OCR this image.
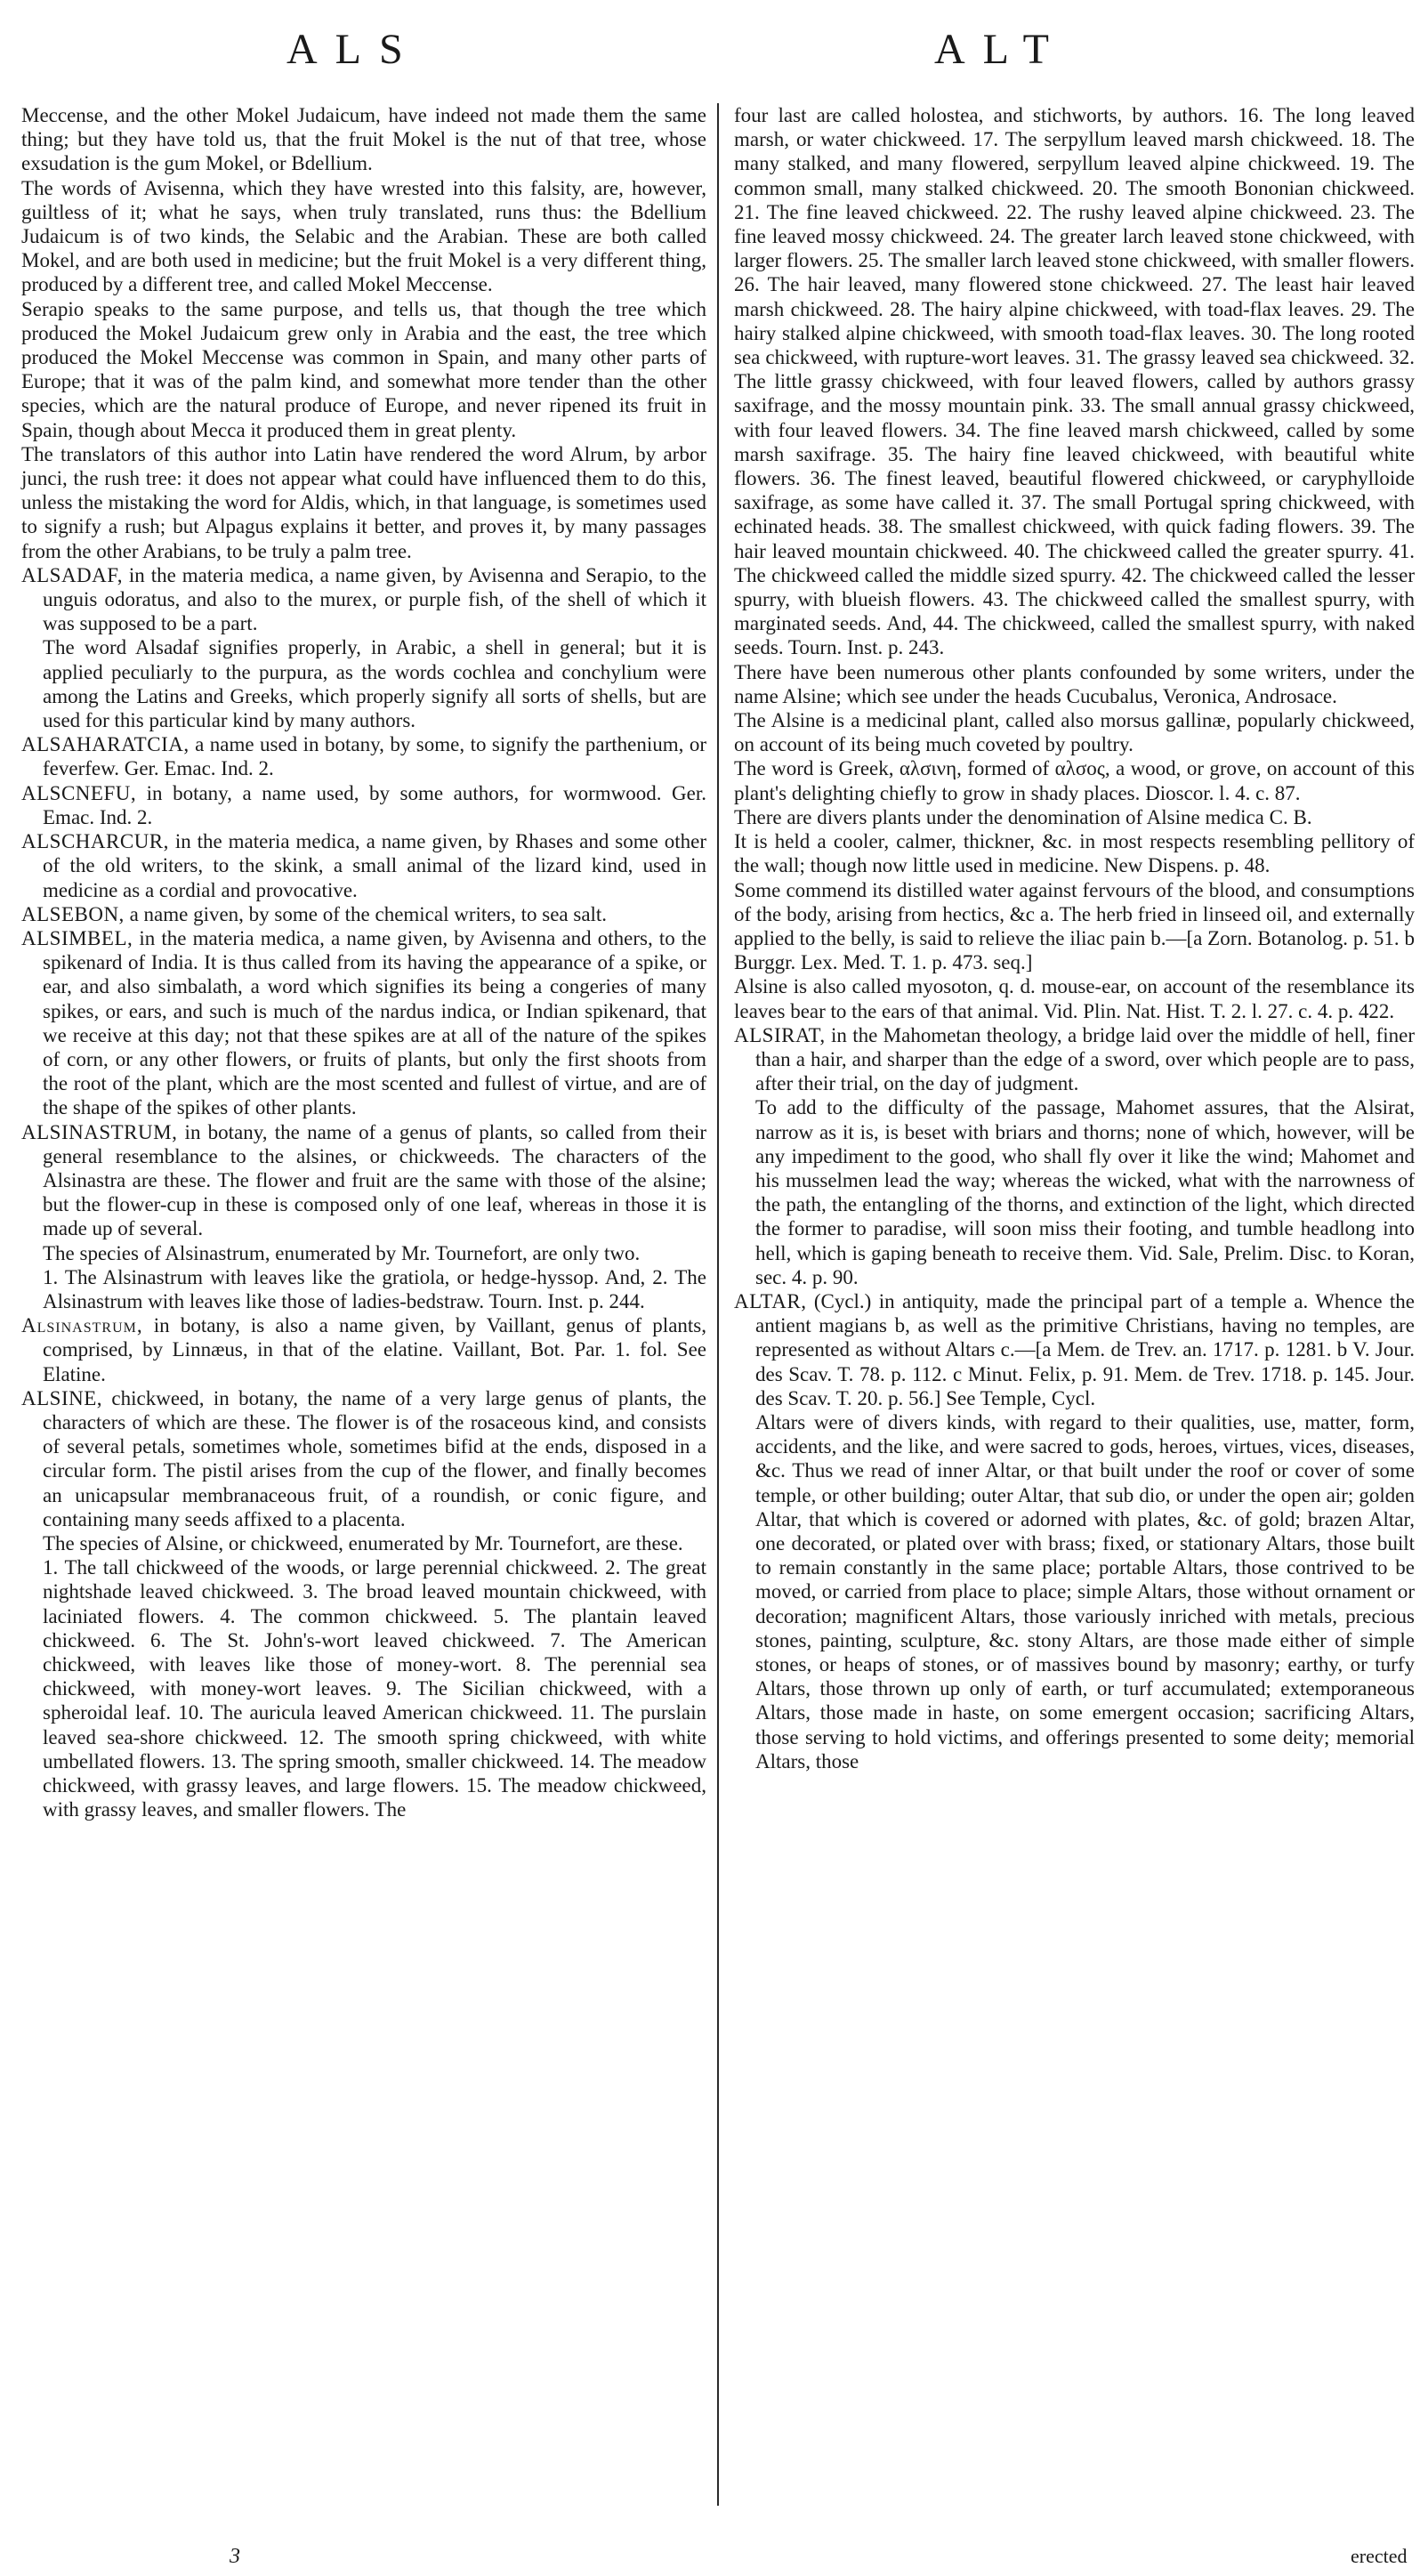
ALS	ALT

Meccense, and the other Mokel Judaicum, have indeed not made them the same thing; but they have told us, that the fruit Mokel is the nut of that tree, whose exsudation is the gum Mokel, or Bdellium.

The words of Avisenna, which they have wrested into this falsity, are, however, guiltless of it; what he says, when truly translated, runs thus: the Bdellium Judaicum is of two kinds, the Selabic and the Arabian. These are both called Mokel, and are both used in medicine; but the fruit Mokel is a very different thing, produced by a different tree, and called Mokel Meccense.

Serapio speaks to the same purpose, and tells us, that though the tree which produced the Mokel Judaicum grew only in Arabia and the east, the tree which produced the Mokel Meccense was common in Spain, and many other parts of Europe; that it was of the palm kind, and somewhat more tender than the other species, which are the natural produce of Europe, and never ripened its fruit in Spain, though about Mecca it produced them in great plenty.

The translators of this author into Latin have rendered the word Alrum, by arbor junci, the rush tree: it does not appear what could have influenced them to do this, unless the mistaking the word for Aldis, which, in that language, is sometimes used to signify a rush; but Alpagus explains it better, and proves it, by many passages from the other Arabians, to be truly a palm tree.

ALSADAF, in the materia medica, a name given, by Avisenna and Serapio, to the unguis odoratus, and also to the murex, or purple fish, of the shell of which it was supposed to be a part.

The word Alsadaf signifies properly, in Arabic, a shell in general; but it is applied peculiarly to the purpura, as the words cochlea and conchylium were among the Latins and Greeks, which properly signify all sorts of shells, but are used for this particular kind by many authors.

ALSAHARATCIA, a name used in botany, by some, to signify the parthenium, or feverfew. Ger. Emac. Ind. 2.

ALSCNEFU, in botany, a name used, by some authors, for wormwood. Ger. Emac. Ind. 2.

ALSCHARCUR, in the materia medica, a name given, by Rhases and some other of the old writers, to the skink, a small animal of the lizard kind, used in medicine as a cordial and provocative.

ALSEBON, a name given, by some of the chemical writers, to sea salt.

ALSIMBEL, in the materia medica, a name given, by Avisenna and others, to the spikenard of India. It is thus called from its having the appearance of a spike, or ear, and also simbalath, a word which signifies its being a congeries of many spikes, or ears, and such is much of the nardus indica, or Indian spikenard, that we receive at this day; not that these spikes are at all of the nature of the spikes of corn, or any other flowers, or fruits of plants, but only the first shoots from the root of the plant, which are the most scented and fullest of virtue, and are of the shape of the spikes of other plants.

ALSINASTRUM, in botany, the name of a genus of plants, so called from their general resemblance to the alsines, or chickweeds. The characters of the Alsinastra are these. The flower and fruit are the same with those of the alsine; but the flower-cup in these is composed only of one leaf, whereas in those it is made up of several.

The species of Alsinastrum, enumerated by Mr. Tournefort, are only two.

1. The Alsinastrum with leaves like the gratiola, or hedge-hyssop. And, 2. The Alsinastrum with leaves like those of ladies-bedstraw. Tourn. Inst. p. 244.

Alsinastrum, in botany, is also a name given, by Vaillant, genus of plants, comprised, by Linnæus, in that of the elatine. Vaillant, Bot. Par. 1. fol. See Elatine.

ALSINE, chickweed, in botany, the name of a very large genus of plants, the characters of which are these. The flower is of the rosaceous kind, and consists of several petals, sometimes whole, sometimes bifid at the ends, disposed in a circular form. The pistil arises from the cup of the flower, and finally becomes an unicapsular membranaceous fruit, of a roundish, or conic figure, and containing many seeds affixed to a placenta.

The species of Alsine, or chickweed, enumerated by Mr. Tournefort, are these.

1. The tall chickweed of the woods, or large perennial chickweed. 2. The great nightshade leaved chickweed. 3. The broad leaved mountain chickweed, with laciniated flowers. 4. The common chickweed. 5. The plantain leaved chickweed. 6. The St. John's-wort leaved chickweed. 7. The American chickweed, with leaves like those of money-wort. 8. The perennial sea chickweed, with money-wort leaves. 9. The Sicilian chickweed, with a spheroidal leaf. 10. The auricula leaved American chickweed. 11. The purslain leaved sea-shore chickweed. 12. The smooth spring chickweed, with white umbellated flowers. 13. The spring smooth, smaller chickweed. 14. The meadow chickweed, with grassy leaves, and large flowers. 15. The meadow chickweed, with grassy leaves, and smaller flowers. The

four last are called holostea, and stichworts, by authors. 16. The long leaved marsh, or water chickweed. 17. The serpyllum leaved marsh chickweed. 18. The many stalked, and many flowered, serpyllum leaved alpine chickweed. 19. The common small, many stalked chickweed. 20. The smooth Bononian chickweed. 21. The fine leaved chickweed. 22. The rushy leaved alpine chickweed. 23. The fine leaved mossy chickweed. 24. The greater larch leaved stone chickweed, with larger flowers. 25. The smaller larch leaved stone chickweed, with smaller flowers. 26. The hair leaved, many flowered stone chickweed. 27. The least hair leaved marsh chickweed. 28. The hairy alpine chickweed, with toad-flax leaves. 29. The hairy stalked alpine chickweed, with smooth toad-flax leaves. 30. The long rooted sea chickweed, with rupture-wort leaves. 31. The grassy leaved sea chickweed. 32. The little grassy chickweed, with four leaved flowers, called by authors grassy saxifrage, and the mossy mountain pink. 33. The small annual grassy chickweed, with four leaved flowers. 34. The fine leaved marsh chickweed, called by some marsh saxifrage. 35. The hairy fine leaved chickweed, with beautiful white flowers. 36. The finest leaved, beautiful flowered chickweed, or caryphylloide saxifrage, as some have called it. 37. The small Portugal spring chickweed, with echinated heads. 38. The smallest chickweed, with quick fading flowers. 39. The hair leaved mountain chickweed. 40. The chickweed called the greater spurry. 41. The chickweed called the middle sized spurry. 42. The chickweed called the lesser spurry, with blueish flowers. 43. The chickweed called the smallest spurry, with marginated seeds. And, 44. The chickweed, called the smallest spurry, with naked seeds. Tourn. Inst. p. 243.

There have been numerous other plants confounded by some writers, under the name Alsine; which see under the heads Cucubalus, Veronica, Androsace.

The Alsine is a medicinal plant, called also morsus gallinæ, popularly chickweed, on account of its being much coveted by poultry.

The word is Greek, αλσινη, formed of αλσος, a wood, or grove, on account of this plant's delighting chiefly to grow in shady places. Dioscor. l. 4. c. 87.

There are divers plants under the denomination of Alsine medica C. B.

It is held a cooler, calmer, thickner, &c. in most respects resembling pellitory of the wall; though now little used in medicine. New Dispens. p. 48.

Some commend its distilled water against fervours of the blood, and consumptions of the body, arising from hectics, &c a. The herb fried in linseed oil, and externally applied to the belly, is said to relieve the iliac pain b.—[a Zorn. Botanolog. p. 51. b Burggr. Lex. Med. T. 1. p. 473. seq.]

Alsine is also called myosoton, q. d. mouse-ear, on account of the resemblance its leaves bear to the ears of that animal. Vid. Plin. Nat. Hist. T. 2. l. 27. c. 4. p. 422.

ALSIRAT, in the Mahometan theology, a bridge laid over the middle of hell, finer than a hair, and sharper than the edge of a sword, over which people are to pass, after their trial, on the day of judgment.

To add to the difficulty of the passage, Mahomet assures, that the Alsirat, narrow as it is, is beset with briars and thorns; none of which, however, will be any impediment to the good, who shall fly over it like the wind; Mahomet and his musselmen lead the way; whereas the wicked, what with the narrowness of the path, the entangling of the thorns, and extinction of the light, which directed the former to paradise, will soon miss their footing, and tumble headlong into hell, which is gaping beneath to receive them. Vid. Sale, Prelim. Disc. to Koran, sec. 4. p. 90.

ALTAR, (Cycl.) in antiquity, made the principal part of a temple a. Whence the antient magians b, as well as the primitive Christians, having no temples, are represented as without Altars c.—[a Mem. de Trev. an. 1717. p. 1281. b V. Jour. des Scav. T. 78. p. 112. c Minut. Felix, p. 91. Mem. de Trev. 1718. p. 145. Jour. des Scav. T. 20. p. 56.] See Temple, Cycl.

Altars were of divers kinds, with regard to their qualities, use, matter, form, accidents, and the like, and were sacred to gods, heroes, virtues, vices, diseases, &c. Thus we read of inner Altar, or that built under the roof or cover of some temple, or other building; outer Altar, that sub dio, or under the open air; golden Altar, that which is covered or adorned with plates, &c. of gold; brazen Altar, one decorated, or plated over with brass; fixed, or stationary Altars, those built to remain constantly in the same place; portable Altars, those contrived to be moved, or carried from place to place; simple Altars, those without ornament or decoration; magnificent Altars, those variously inriched with metals, precious stones, painting, sculpture, &c. stony Altars, are those made either of simple stones, or heaps of stones, or of massives bound by masonry; earthy, or turfy Altars, those thrown up only of earth, or turf accumulated; extemporaneous Altars, those made in haste, on some emergent occasion; sacrificing Altars, those serving to hold victims, and offerings presented to some deity; memorial Altars, those

3	erected
